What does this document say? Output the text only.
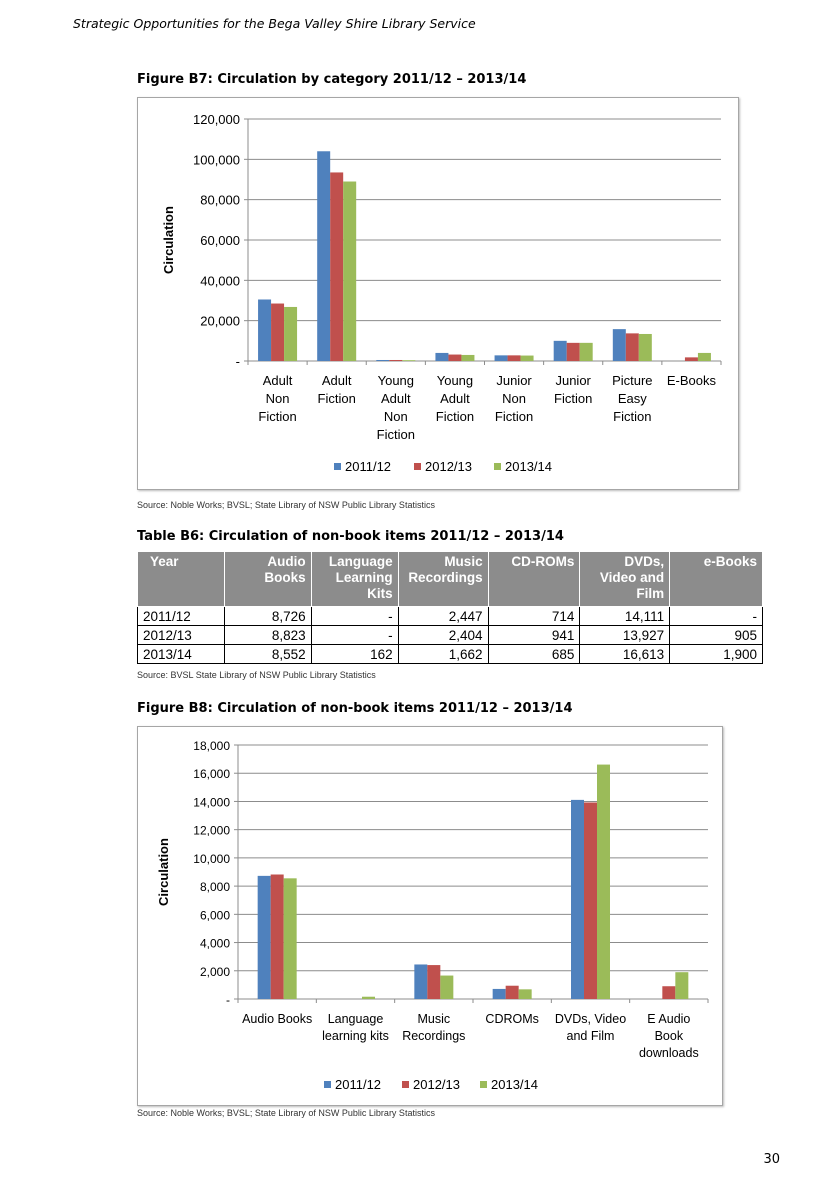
Strategic Opportunities for the Bega Valley Shire Library Service
Figure B7: Circulation by category 2011/12 – 2013/14
-
20,000
40,000
60,000
80,000
100,000
120,000
Adult Non Fiction
Adult Fiction
Young Adult Non Fiction
Young Adult Fiction
Junior Non Fiction
Junior Fiction
Picture Easy Fiction
E-Books
Circulation
2011/12	2012/13	2013/14
Source: Noble Works; BVSL; State Library of NSW Public Library Statistics
Table B6: Circulation of non-book items 2011/12 – 2013/14
Year	Audio Books	Language Learning Kits	Music Recordings	CD-ROMs	DVDs, Video and Film	e-Books
2011/12	8,726	-	2,447	714	14,111	-
2012/13	8,823	-	2,404	941	13,927	905
2013/14	8,552	162	1,662	685	16,613	1,900
Source: BVSL State Library of NSW Public Library Statistics
Figure B8: Circulation of non-book items 2011/12 – 2013/14
-
2,000
4,000
6,000
8,000
10,000
12,000
14,000
16,000
18,000
Audio Books	Language learning kits
Music Recordings
CDROMs DVDs, Video and Film
E Audio Book downloads
Circulation
2011/12 2012/13 2013/14
Source: Noble Works; BVSL; State Library of NSW Public Library Statistics
30
